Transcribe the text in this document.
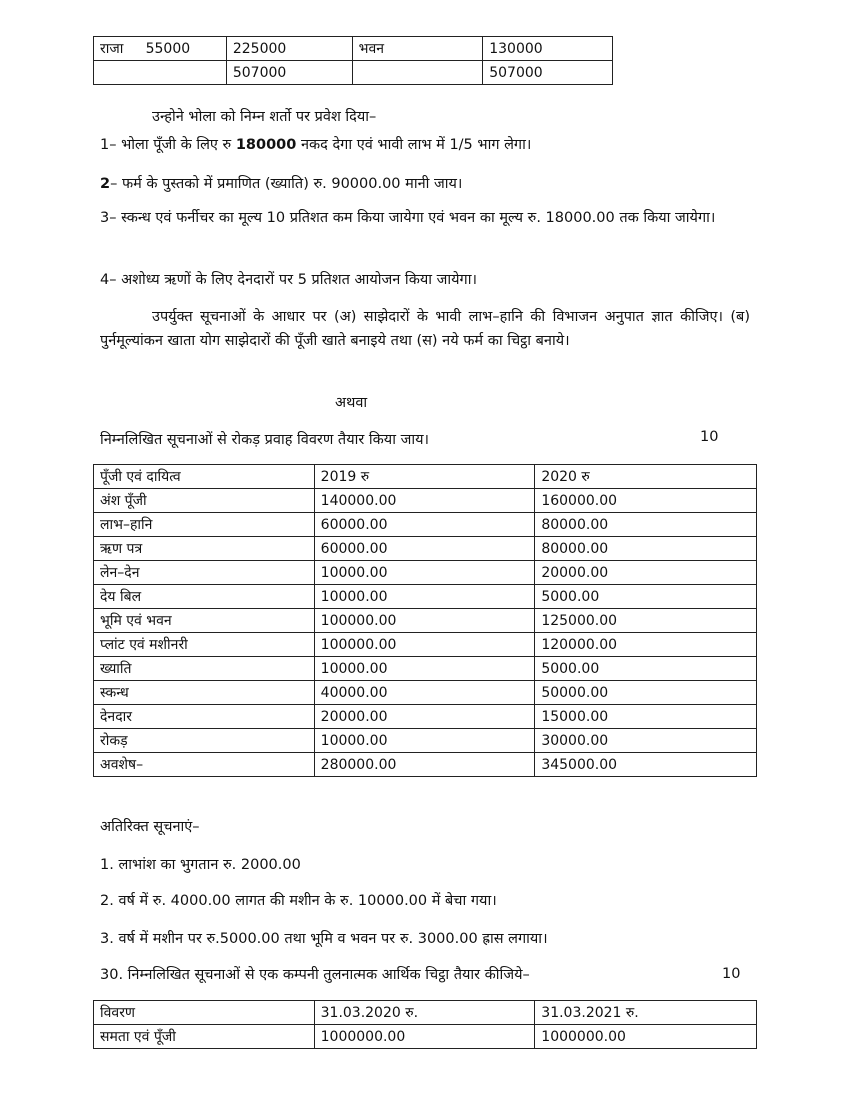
राजा     55000	225000	भवन	130000
	507000		507000

उन्होने भोला को निम्न शर्तो पर प्रवेश दिया–

1– भोला पूँजी के लिए रु 180000 नकद देगा एवं भावी लाभ में 1/5 भाग लेगा।

2– फर्म के पुस्तको में प्रमाणित (ख्याति) रु. 90000.00 मानी जाय।

3– स्कन्ध एवं फर्नीचर का मूल्य 10 प्रतिशत कम किया जायेगा एवं भवन का मूल्य रु. 18000.00 तक किया जायेगा।

4– अशोध्य ऋणों के लिए देनदारों पर 5 प्रतिशत आयोजन किया जायेगा।

उपर्युक्त सूचनाओं के आधार पर (अ) साझेदारों के भावी लाभ–हानि की विभाजन अनुपात ज्ञात कीजिए। (ब) पुर्नमूल्यांकन खाता योग साझेदारों की पूँजी खाते बनाइये तथा (स) नये फर्म का चिट्ठा बनाये।

अथवा

निम्नलिखित सूचनाओं से रोकड़ प्रवाह विवरण तैयार किया जाय।	10

पूँजी एवं दायित्व	2019 रु	2020 रु
अंश पूँजी	140000.00	160000.00
लाभ–हानि	60000.00	80000.00
ऋण पत्र	60000.00	80000.00
लेन–देन	10000.00	20000.00
देय बिल	10000.00	5000.00
भूमि एवं भवन	100000.00	125000.00
प्लांट एवं मशीनरी	100000.00	120000.00
ख्याति	10000.00	5000.00
स्कन्ध	40000.00	50000.00
देनदार	20000.00	15000.00
रोकड़	10000.00	30000.00
अवशेष–	280000.00	345000.00

अतिरिक्त सूचनाएं–

1. लाभांश का भुगतान रु. 2000.00

2. वर्ष में रु. 4000.00 लागत की मशीन के रु. 10000.00 में बेचा गया।

3. वर्ष में मशीन पर रु.5000.00 तथा भूमि व भवन पर रु. 3000.00 ह्रास लगाया।

30. निम्नलिखित सूचनाओं से एक कम्पनी तुलनात्मक आर्थिक चिट्ठा तैयार कीजिये–	10

विवरण	31.03.2020 रु.	31.03.2021 रु.
समता एवं पूँजी	1000000.00	1000000.00
